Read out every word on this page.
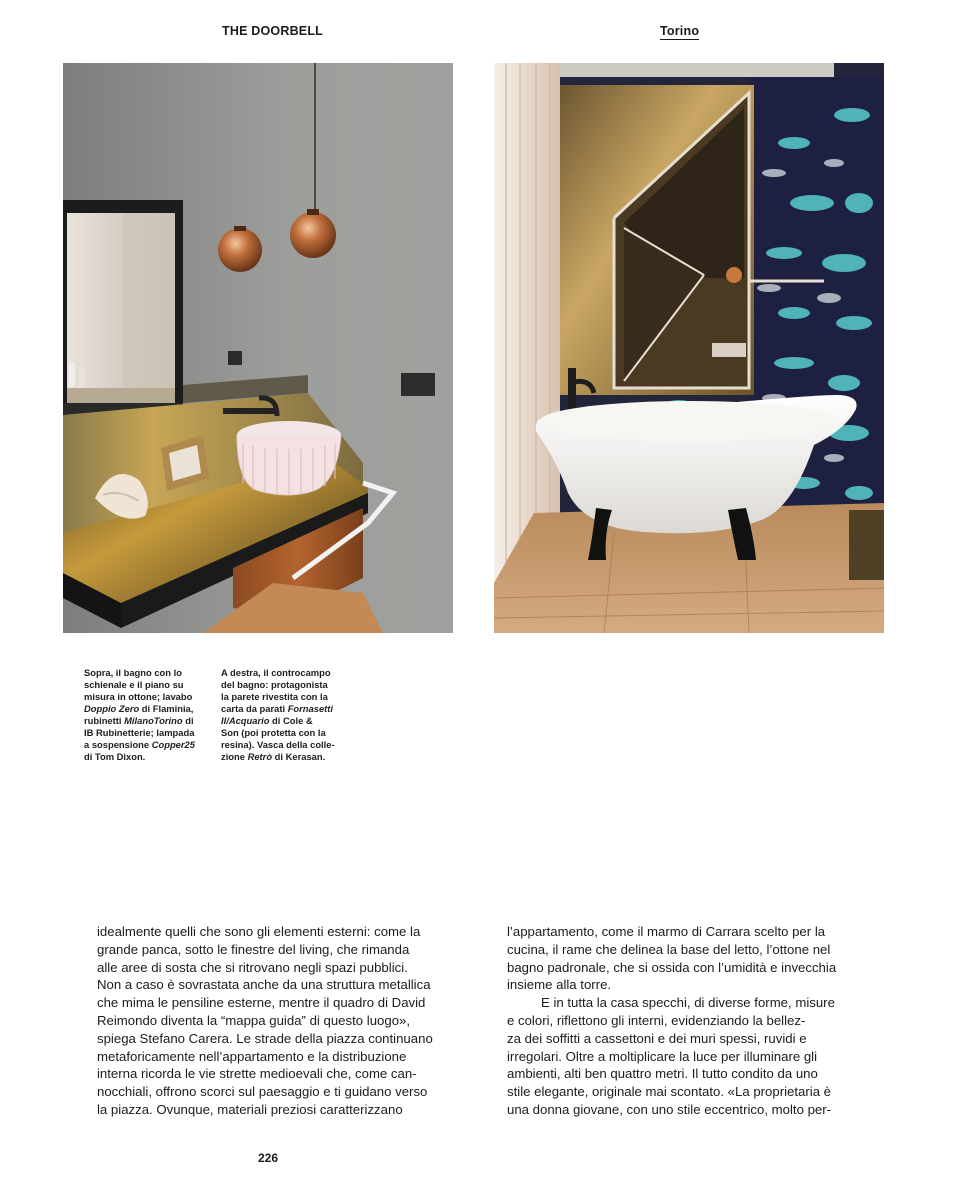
THE DOORBELL	Torino
Sopra, il bagno con lo
schienale e il piano su
misura in ottone; lavabo
Doppio Zero di Flaminia,
rubinetti MilanoTorino di
IB Rubinetterie; lampada
a sospensione Copper25
di Tom Dixon.
A destra, il controcampo
del bagno: protagonista
la parete rivestita con la
carta da parati Fornasetti
II/Acquario di Cole &
Son (poi protetta con la
resina). Vasca della colle-
zione Retrò di Kerasan.
idealmente quelli che sono gli elementi esterni: come la
grande panca, sotto le finestre del living, che rimanda
alle aree di sosta che si ritrovano negli spazi pubblici.
Non a caso è sovrastata anche da una struttura metallica
che mima le pensiline esterne, mentre il quadro di David
Reimondo diventa la “mappa guida” di questo luogo»,
spiega Stefano Carera. Le strade della piazza continuano
metaforicamente nell’appartamento e la distribuzione
interna ricorda le vie strette medioevali che, come can-
nocchiali, offrono scorci sul paesaggio e ti guidano verso
la piazza. Ovunque, materiali preziosi caratterizzano
l’appartamento, come il marmo di Carrara scelto per la
cucina, il rame che delinea la base del letto, l’ottone nel
bagno padronale, che si ossida con l’umidità e invecchia
insieme alla torre.
E in tutta la casa specchi, di diverse forme, misure
e colori, riflettono gli interni, evidenziando la bellez-
za dei soffitti a cassettoni e dei muri spessi, ruvidi e
irregolari. Oltre a moltiplicare la luce per illuminare gli
ambienti, alti ben quattro metri. Il tutto condito da uno
stile elegante, originale mai scontato. «La proprietaria è
una donna giovane, con uno stile eccentrico, molto per-
226
